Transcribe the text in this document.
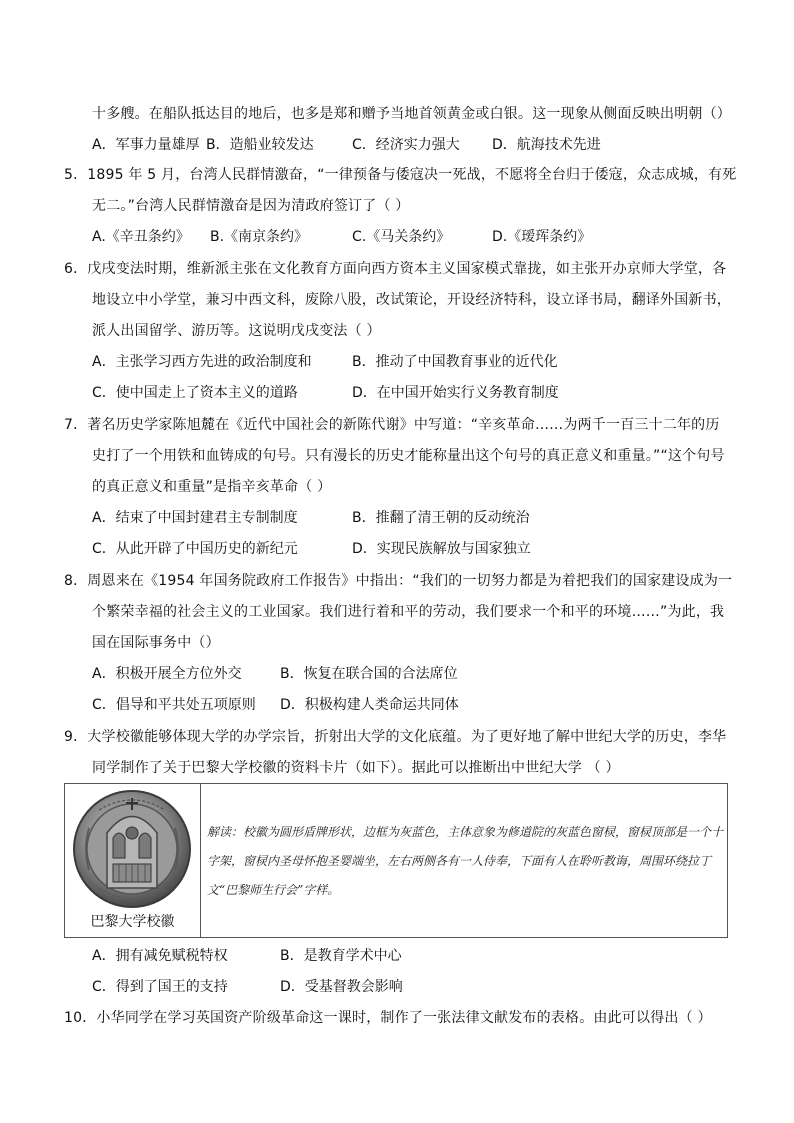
十多艘。在船队抵达目的地后，也多是郑和赠予当地首领黄金或白银。这一现象从侧面反映出明朝（）
A．军事力量雄厚 B．造船业较发达	C．经济实力强大 D．航海技术先进
5．1895 年 5 月，台湾人民群情激奋，“一律预备与倭寇决一死战，不愿将全台归于倭寇，众志成城，有死
无二。”台湾人民群情激奋是因为清政府签订了（ ）
A.《辛丑条约》 B.《南京条约》	C.《马关条约》	D.《瑷珲条约》
6．戊戌变法时期，维新派主张在文化教育方面向西方资本主义国家模式靠拢，如主张开办京师大学堂，各
地设立中小学堂，兼习中西文科，废除八股，改试策论，开设经济特科，设立译书局，翻译外国新书，
派人出国留学、游历等。这说明戊戌变法（ ）
A．主张学习西方先进的政治制度和	B．推动了中国教育事业的近代化
C．使中国走上了资本主义的道路	D．在中国开始实行义务教育制度
7．著名历史学家陈旭麓在《近代中国社会的新陈代谢》中写道：“辛亥革命……为两千一百三十二年的历
史打了一个用铁和血铸成的句号。只有漫长的历史才能称量出这个句号的真正意义和重量。”“这个句号
的真正意义和重量”是指辛亥革命（ ）
A．结束了中国封建君主专制制度	B．推翻了清王朝的反动统治
C．从此开辟了中国历史的新纪元	D．实现民族解放与国家独立
8．周恩来在《1954 年国务院政府工作报告》中指出：“我们的一切努力都是为着把我们的国家建设成为一
个繁荣幸福的社会主义的工业国家。我们进行着和平的劳动，我们要求一个和平的环境……”为此，我
国在国际事务中（）
A．积极开展全方位外交	B．恢复在联合国的合法席位
C．倡导和平共处五项原则 D．积极构建人类命运共同体
9．大学校徽能够体现大学的办学宗旨，折射出大学的文化底蕴。为了更好地了解中世纪大学的历史，李华
同学制作了关于巴黎大学校徽的资料卡片（如下）。据此可以推断出中世纪大学 （ ）
巴黎大学校徽
解读：校徽为圆形盾牌形状，边框为灰蓝色，主体意象为修道院的灰蓝色窗棂，窗棂顶部是一个十字架，窗棂内圣母怀抱圣婴端坐，左右两侧各有一人侍奉，下面有人在聆听教诲，周围环绕拉丁文“巴黎师生行会”字样。
A．拥有减免赋税特权	B．是教育学术中心
C．得到了国王的支持	D．受基督教会影响
10．小华同学在学习英国资产阶级革命这一课时，制作了一张法律文献发布的表格。由此可以得出（ ）
